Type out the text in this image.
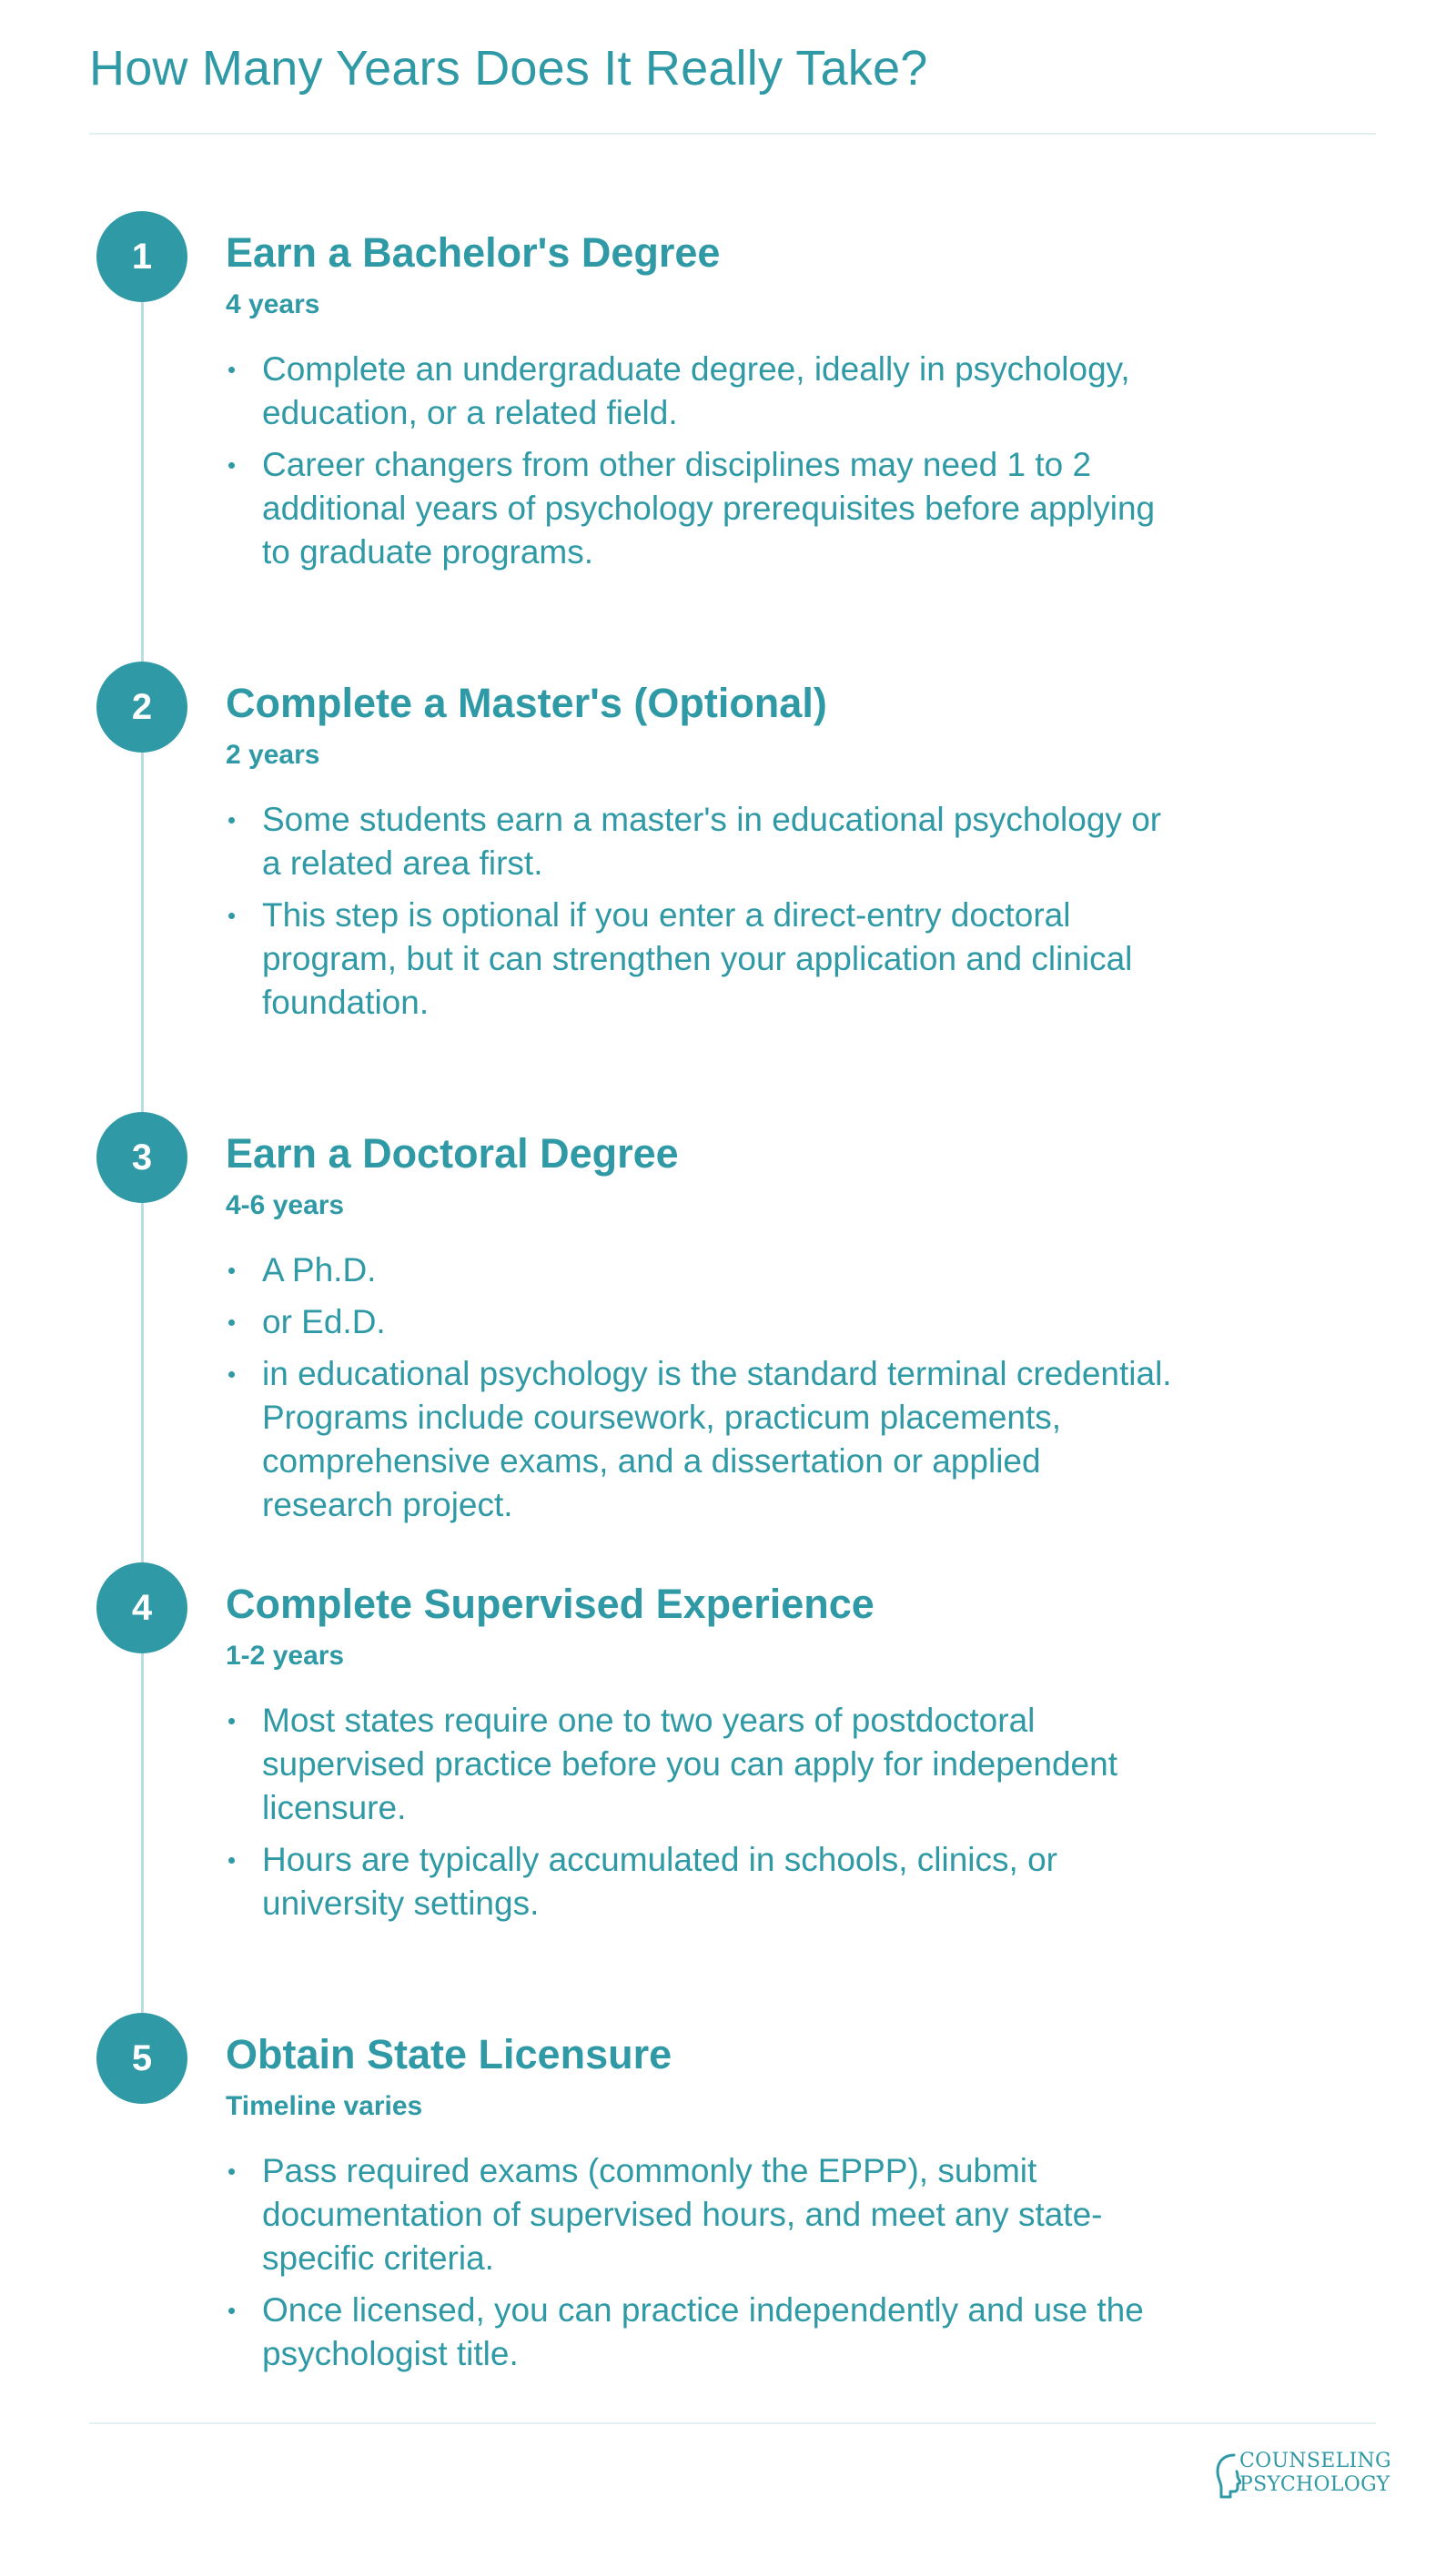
How Many Years Does It Really Take?
1	Earn a Bachelor's Degree
4 years
Complete an undergraduate degree, ideally in psychology, education, or a related field.
Career changers from other disciplines may need 1 to 2 additional years of psychology prerequisites before applying to graduate programs.
2	Complete a Master's (Optional)
2 years
Some students earn a master's in educational psychology or a related area first.
This step is optional if you enter a direct-entry doctoral program, but it can strengthen your application and clinical foundation.
3	Earn a Doctoral Degree
4-6 years
A Ph.D.
or Ed.D.
in educational psychology is the standard terminal credential. Programs include coursework, practicum placements, comprehensive exams, and a dissertation or applied research project.
4	Complete Supervised Experience
1-2 years
Most states require one to two years of postdoctoral supervised practice before you can apply for independent licensure.
Hours are typically accumulated in schools, clinics, or university settings.
5	Obtain State Licensure
Timeline varies
Pass required exams (commonly the EPPP), submit documentation of supervised hours, and meet any state-specific criteria.
Once licensed, you can practice independently and use the psychologist title.
COUNSELING
PSYCHOLOGY
